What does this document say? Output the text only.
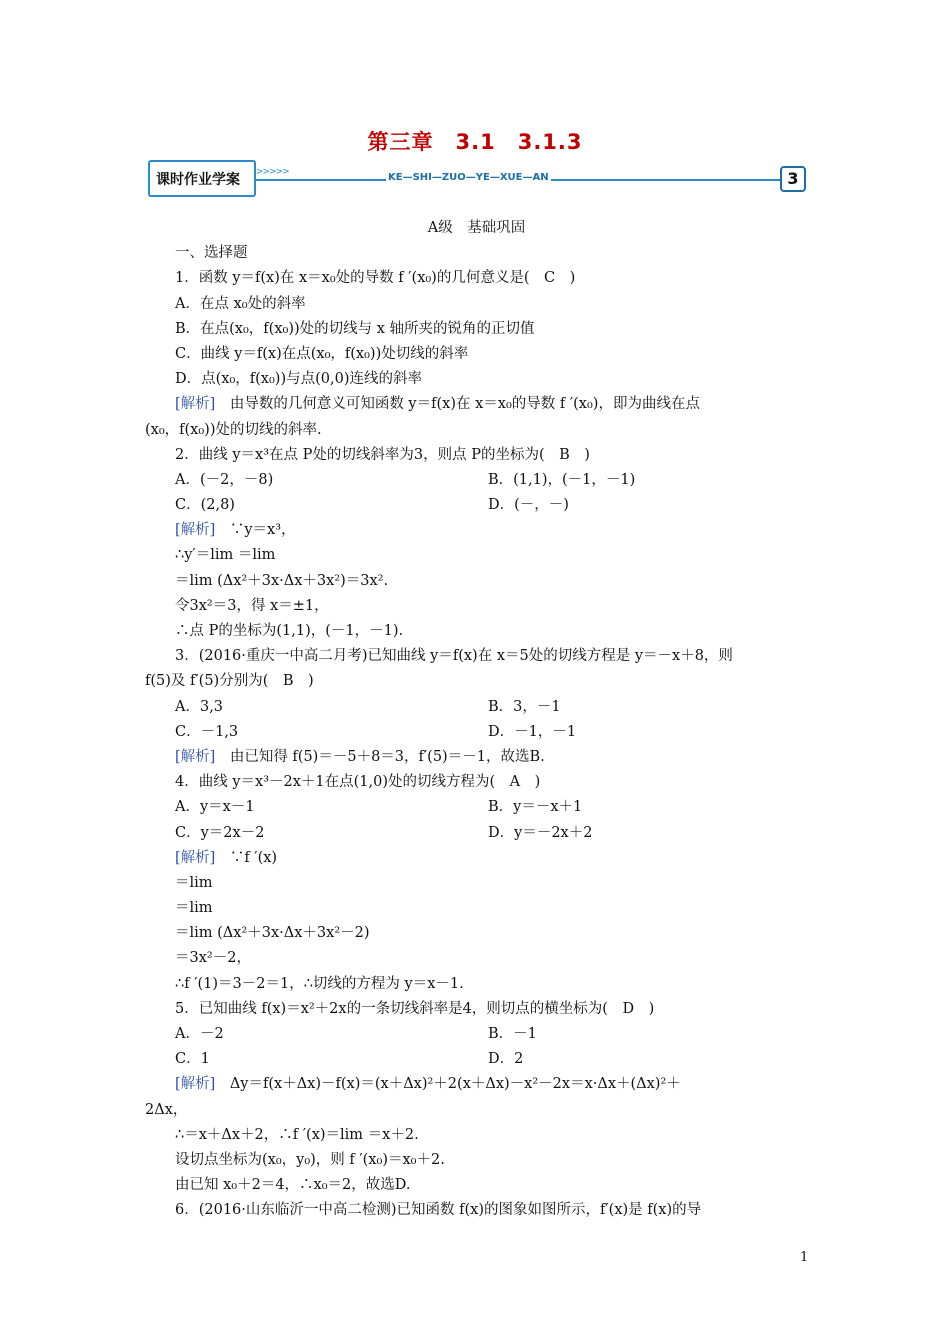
第三章　3.1　3.1.3
课时作业学案 >>>>>	KE—SHI—ZUO—YE—XUE—AN	3
A级　基础巩固
一、选择题
1．函数 y＝f(x)在 x＝x₀处的导数 f ′(x₀)的几何意义是(　C　)
A．在点 x₀处的斜率
B．在点(x₀，f(x₀))处的切线与 x 轴所夹的锐角的正切值
C．曲线 y＝f(x)在点(x₀，f(x₀))处切线的斜率
D．点(x₀，f(x₀))与点(0,0)连线的斜率
[解析]　由导数的几何意义可知函数 y＝f(x)在 x＝x₀的导数 f ′(x₀)，即为曲线在点
(x₀，f(x₀))处的切线的斜率.
2．曲线 y＝x³在点 P处的切线斜率为3，则点 P的坐标为(　B　)
A．(－2，－8)	B．(1,1)，(－1，－1)
C．(2,8)	D．(－，－)
[解析]　∵y＝x³，
∴y′＝lim ＝lim
＝lim (Δx²＋3x·Δx＋3x²)＝3x².
令3x²＝3，得 x＝±1，
∴点 P的坐标为(1,1)，(－1，－1).
3．(2016·重庆一中高二月考)已知曲线 y＝f(x)在 x＝5处的切线方程是 y＝－x＋8，则
f(5)及 f′(5)分别为(　B　)
A．3,3	B．3，－1
C．－1,3	D．－1，－1
[解析]　由已知得 f(5)＝－5＋8＝3，f′(5)＝－1，故选B.
4．曲线 y＝x³－2x＋1在点(1,0)处的切线方程为(　A　)
A．y＝x－1	B．y＝－x＋1
C．y＝2x－2	D．y＝－2x＋2
[解析]　∵f ′(x)
＝lim
＝lim
＝lim (Δx²＋3x·Δx＋3x²－2)
＝3x²－2，
∴f ′(1)＝3－2＝1，∴切线的方程为 y＝x－1.
5．已知曲线 f(x)＝x²＋2x的一条切线斜率是4，则切点的横坐标为(　D　)
A．－2	B．－1
C．1	D．2
[解析]　Δy＝f(x＋Δx)－f(x)＝(x＋Δx)²＋2(x＋Δx)－x²－2x＝x·Δx＋(Δx)²＋
2Δx，
∴＝x＋Δx＋2，∴f ′(x)＝lim ＝x＋2.
设切点坐标为(x₀，y₀)，则 f ′(x₀)＝x₀＋2.
由已知 x₀＋2＝4，∴x₀＝2，故选D.
6．(2016·山东临沂一中高二检测)已知函数 f(x)的图象如图所示，f′(x)是 f(x)的导
1
